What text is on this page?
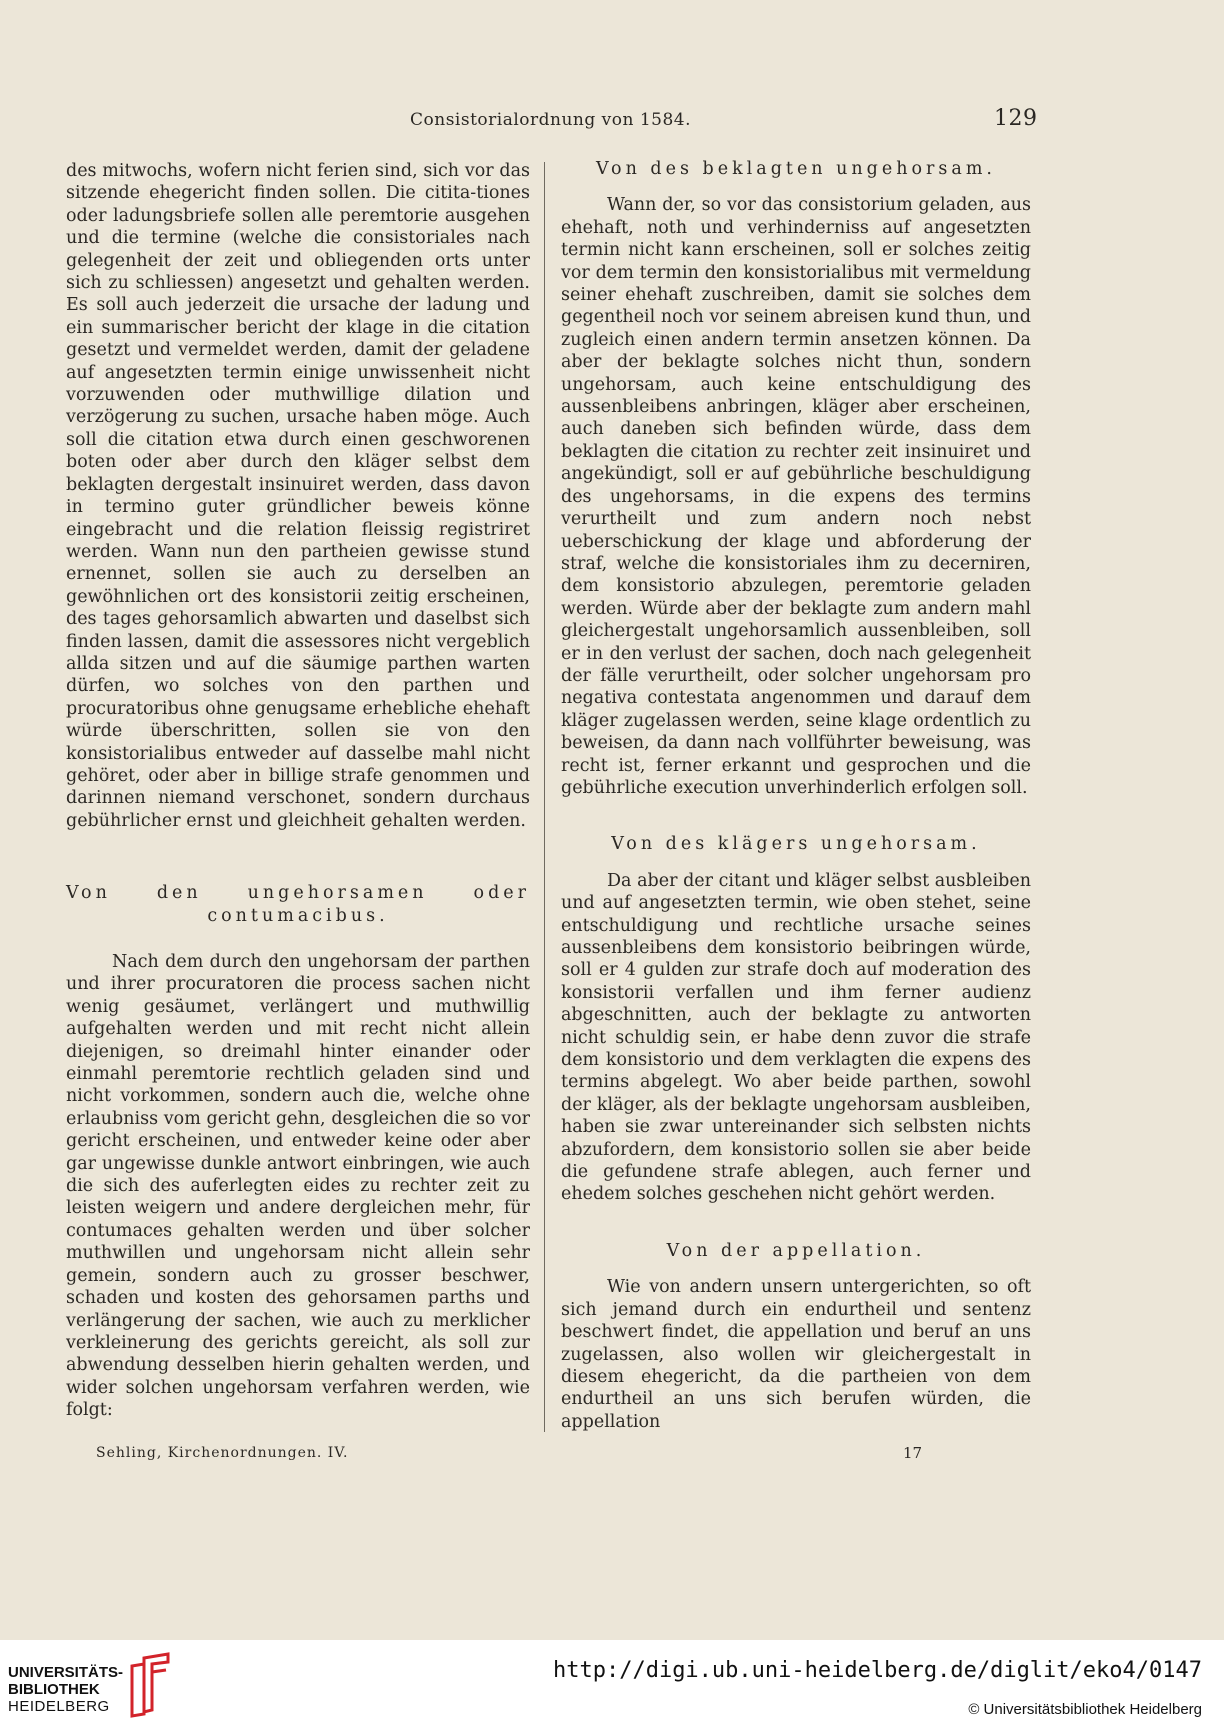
Consistorialordnung von 1584.	129

des mitwochs, wofern nicht ferien sind, sich vor das sitzende ehegericht finden sollen. Die citita-tiones oder ladungsbriefe sollen alle peremtorie ausgehen und die termine (welche die consistoriales nach gelegenheit der zeit und obliegenden orts unter sich zu schliessen) angesetzt und gehalten werden. Es soll auch jederzeit die ursache der ladung und ein summarischer bericht der klage in die citation gesetzt und vermeldet werden, damit der geladene auf angesetzten termin einige unwissenheit nicht vorzuwenden oder muthwillige dilation und verzögerung zu suchen, ursache haben möge. Auch soll die citation etwa durch einen geschworenen boten oder aber durch den kläger selbst dem beklagten dergestalt insinuiret werden, dass davon in termino guter gründlicher beweis könne eingebracht und die relation fleissig registriret werden. Wann nun den partheien gewisse stund ernennet, sollen sie auch zu derselben an gewöhnlichen ort des konsistorii zeitig erscheinen, des tages gehorsamlich abwarten und daselbst sich finden lassen, damit die assessores nicht vergeblich allda sitzen und auf die säumige parthen warten dürfen, wo solches von den parthen und procuratoribus ohne genugsame erhebliche ehehaft würde überschritten, sollen sie von den konsistorialibus entweder auf dasselbe mahl nicht gehöret, oder aber in billige strafe genommen und darinnen niemand verschonet, sondern durchaus gebührlicher ernst und gleichheit gehalten werden.

Von den ungehorsamen oder contumacibus.

Nach dem durch den ungehorsam der parthen und ihrer procuratoren die process sachen nicht wenig gesäumet, verlängert und muthwillig aufgehalten werden und mit recht nicht allein diejenigen, so dreimahl hinter einander oder einmahl peremtorie rechtlich geladen sind und nicht vorkommen, sondern auch die, welche ohne erlaubniss vom gericht gehn, desgleichen die so vor gericht erscheinen, und entweder keine oder aber gar ungewisse dunkle antwort einbringen, wie auch die sich des auferlegten eides zu rechter zeit zu leisten weigern und andere dergleichen mehr, für contumaces gehalten werden und über solcher muthwillen und ungehorsam nicht allein sehr gemein, sondern auch zu grosser beschwer, schaden und kosten des gehorsamen parths und verlängerung der sachen, wie auch zu merklicher verkleinerung des gerichts gereicht, als soll zur abwendung desselben hierin gehalten werden, und wider solchen ungehorsam verfahren werden, wie folgt:

Von des beklagten ungehorsam.

Wann der, so vor das consistorium geladen, aus ehehaft, noth und verhinderniss auf angesetzten termin nicht kann erscheinen, soll er solches zeitig vor dem termin den konsistorialibus mit vermeldung seiner ehehaft zuschreiben, damit sie solches dem gegentheil noch vor seinem abreisen kund thun, und zugleich einen andern termin ansetzen können. Da aber der beklagte solches nicht thun, sondern ungehorsam, auch keine entschuldigung des aussenbleibens anbringen, kläger aber erscheinen, auch daneben sich befinden würde, dass dem beklagten die citation zu rechter zeit insinuiret und angekündigt, soll er auf gebührliche beschuldigung des ungehorsams, in die expens des termins verurtheilt und zum andern noch nebst ueberschickung der klage und abforderung der straf, welche die konsistoriales ihm zu decerniren, dem konsistorio abzulegen, peremtorie geladen werden. Würde aber der beklagte zum andern mahl gleichergestalt ungehorsamlich aussenbleiben, soll er in den verlust der sachen, doch nach gelegenheit der fälle verurtheilt, oder solcher ungehorsam pro negativa contestata angenommen und darauf dem kläger zugelassen werden, seine klage ordentlich zu beweisen, da dann nach vollführter beweisung, was recht ist, ferner erkannt und gesprochen und die gebührliche execution unverhinderlich erfolgen soll.

Von des klägers ungehorsam.

Da aber der citant und kläger selbst ausbleiben und auf angesetzten termin, wie oben stehet, seine entschuldigung und rechtliche ursache seines aussenbleibens dem konsistorio beibringen würde, soll er 4 gulden zur strafe doch auf moderation des konsistorii verfallen und ihm ferner audienz abgeschnitten, auch der beklagte zu antworten nicht schuldig sein, er habe denn zuvor die strafe dem konsistorio und dem verklagten die expens des termins abgelegt. Wo aber beide parthen, sowohl der kläger, als der beklagte ungehorsam ausbleiben, haben sie zwar untereinander sich selbsten nichts abzufordern, dem konsistorio sollen sie aber beide die gefundene strafe ablegen, auch ferner und ehedem solches geschehen nicht gehört werden.

Von der appellation.

Wie von andern unsern untergerichten, so oft sich jemand durch ein endurtheil und sentenz beschwert findet, die appellation und beruf an uns zugelassen, also wollen wir gleichergestalt in diesem ehegericht, da die partheien von dem endurtheil an uns sich berufen würden, die appellation

Sehling, Kirchenordnungen. IV.	17
UNIVERSITÄTS-
BIBLIOTHEK
HEIDELBERG
http://digi.ub.uni-heidelberg.de/diglit/eko4/0147
© Universitätsbibliothek Heidelberg
